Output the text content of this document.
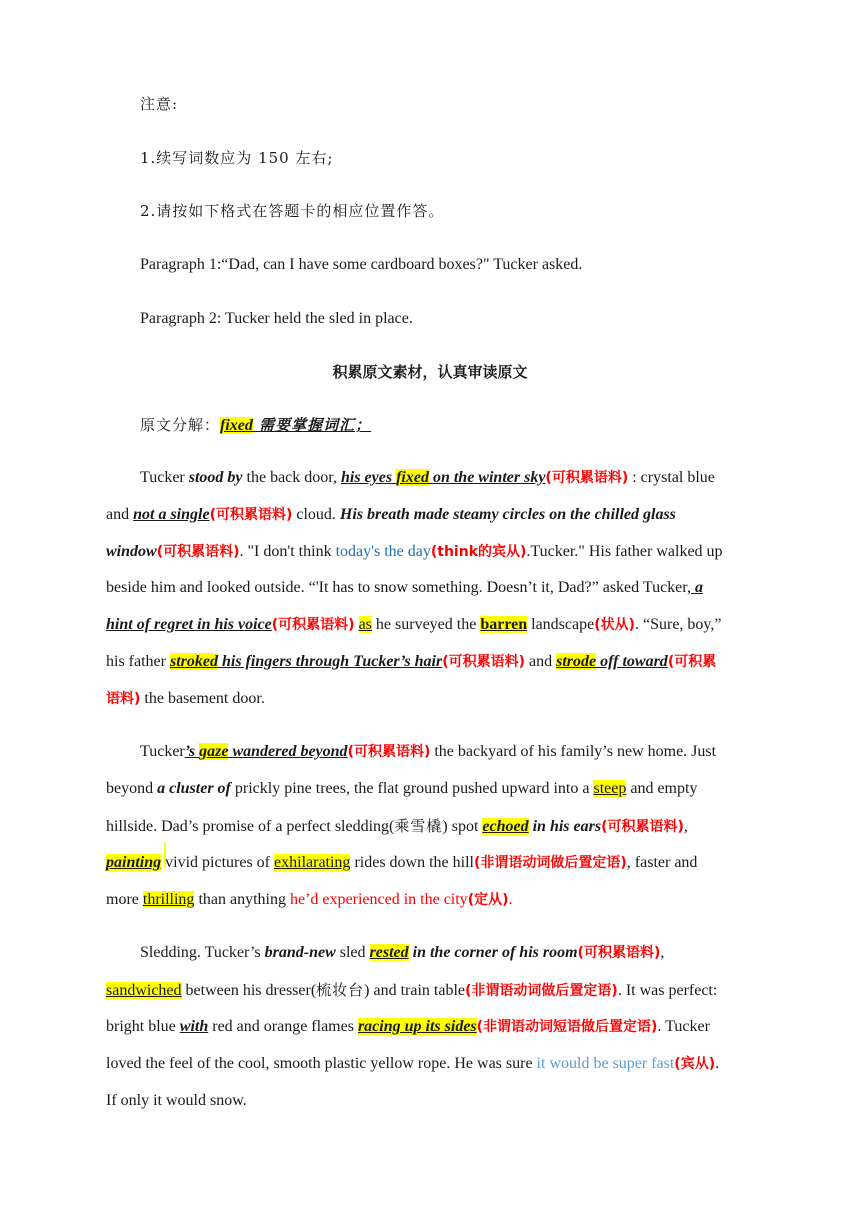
注意:
1.续写词数应为 150 左右;
2.请按如下格式在答题卡的相应位置作答。
Paragraph 1:“Dad, can I have some cardboard boxes?" Tucker asked.
Paragraph 2: Tucker held the sled in place.
积累原文素材，认真审读原文
原文分解：fixed 需要掌握词汇；
Tucker stood by the back door, his eyes fixed on the winter sky(可积累语料) : crystal blue
and not a single(可积累语料) cloud. His breath made steamy circles on the chilled glass
window(可积累语料). "I don't think today's the day(think的宾从).Tucker." His father walked up
beside him and looked outside. “'It has to snow something. Doesn’t it, Dad?” asked Tucker, a
hint of regret in his voice(可积累语料) as he surveyed the barren landscape(状从). “Sure, boy,”
his father stroked his fingers through Tucker’s hair(可积累语料) and strode off toward(可积累
语料) the basement door.
Tucker’s gaze wandered beyond(可积累语料) the backyard of his family’s new home. Just
beyond a cluster of prickly pine trees, the flat ground pushed upward into a steep and empty
hillside. Dad’s promise of a perfect sledding(乘雪橇) spot echoed in his ears(可积累语料),
painting vivid pictures of exhilarating rides down the hill(非谓语动词做后置定语), faster and
more thrilling than anything he’d experienced in the city(定从).
Sledding. Tucker’s brand-new sled rested in the corner of his room(可积累语料),
sandwiched between his dresser(梳妆台) and train table(非谓语动词做后置定语). It was perfect:
bright blue with red and orange flames racing up its sides(非谓语动词短语做后置定语). Tucker
loved the feel of the cool, smooth plastic yellow rope. He was sure it would be super fast(宾从).
If only it would snow.
